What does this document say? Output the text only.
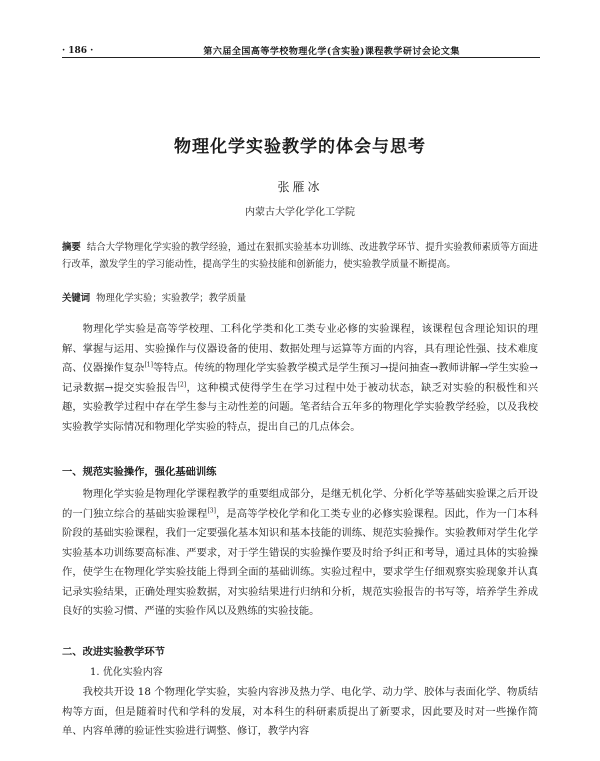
· 186 ·	第六届全国高等学校物理化学(含实验)课程教学研讨会论文集
物理化学实验教学的体会与思考
张雁冰
内蒙古大学化学化工学院
摘要 结合大学物理化学实验的教学经验，通过在狠抓实验基本功训练、改进教学环节、提升实验教师素质等方面进行改革，激发学生的学习能动性，提高学生的实验技能和创新能力，使实验教学质量不断提高。
关键词 物理化学实验；实验教学；教学质量

物理化学实验是高等学校理、工科化学类和化工类专业必修的实验课程，该课程包含理论知识的理解、掌握与运用、实验操作与仪器设备的使用、数据处理与运算等方面的内容，具有理论性强、技术难度高、仪器操作复杂[1]等特点。传统的物理化学实验教学模式是学生预习→提问抽查→教师讲解→学生实验→记录数据→提交实验报告[2]，这种模式使得学生在学习过程中处于被动状态，缺乏对实验的积极性和兴趣，实验教学过程中存在学生参与主动性差的问题。笔者结合五年多的物理化学实验教学经验，以及我校实验教学实际情况和物理化学实验的特点，提出自己的几点体会。

一、规范实验操作，强化基础训练

物理化学实验是物理化学课程教学的重要组成部分，是继无机化学、分析化学等基础实验课之后开设的一门独立综合的基础实验课程[3]，是高等学校化学和化工类专业的必修实验课程。因此，作为一门本科阶段的基础实验课程，我们一定要强化基本知识和基本技能的训练、规范实验操作。实验教师对学生化学实验基本功训练要高标准、严要求，对于学生错误的实验操作要及时给予纠正和考导，通过具体的实验操作，使学生在物理化学实验技能上得到全面的基础训练。实验过程中，要求学生仔细观察实验现象并认真记录实验结果，正确处理实验数据，对实验结果进行归纳和分析，规范实验报告的书写等，培养学生养成良好的实验习惯、严谨的实验作风以及熟练的实验技能。

二、改进实验教学环节
1. 优化实验内容

我校共开设 18 个物理化学实验，实验内容涉及热力学、电化学、动力学、胶体与表面化学、物质结构等方面，但是随着时代和学科的发展，对本科生的科研素质提出了新要求，因此要及时对一些操作简单、内容单薄的验证性实验进行调整、修订，教学内容
